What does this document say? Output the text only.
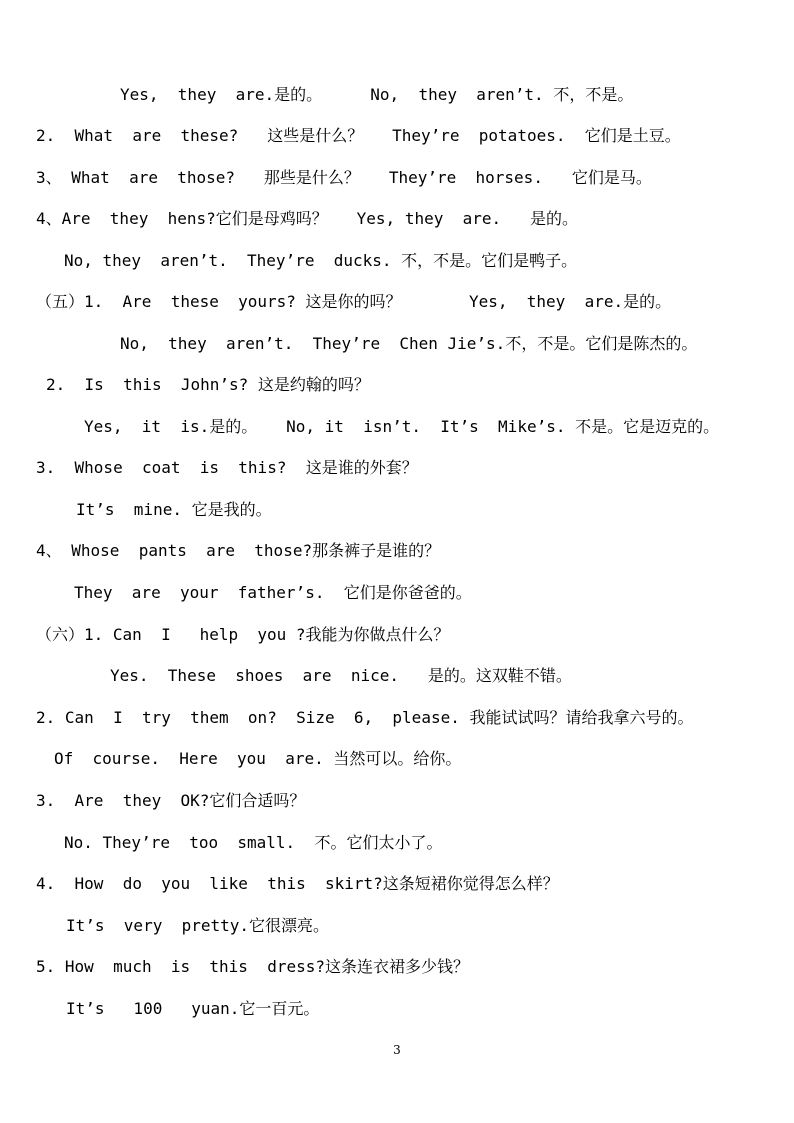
Yes,  they  are.是的。     No,  they  aren’t. 不，不是。
2.  What  are  these?   这些是什么？   They’re  potatoes.  它们是土豆。
3、 What  are  those?   那些是什么？   They’re  horses.   它们是马。
4、Are  they  hens?它们是母鸡吗？   Yes, they  are.   是的。
No, they  aren’t.  They’re  ducks. 不，不是。它们是鸭子。
（五）1.  Are  these  yours? 这是你的吗？       Yes,  they  are.是的。
No,  they  aren’t.  They’re  Chen Jie’s.不，不是。它们是陈杰的。
2.  Is  this  John’s? 这是约翰的吗？
Yes,  it  is.是的。   No, it  isn’t.  It’s  Mike’s. 不是。它是迈克的。
3.  Whose  coat  is  this?  这是谁的外套？
It’s  mine. 它是我的。
4、 Whose  pants  are  those?那条裤子是谁的？
They  are  your  father’s.  它们是你爸爸的。
（六）1. Can  I   help  you ?我能为你做点什么？
Yes.  These  shoes  are  nice.   是的。这双鞋不错。
2. Can  I  try  them  on?  Size  6,  please. 我能试试吗？请给我拿六号的。
Of  course.  Here  you  are. 当然可以。给你。
3.  Are  they  OK?它们合适吗？
No. They’re  too  small.  不。它们太小了。
4.  How  do  you  like  this  skirt?这条短裙你觉得怎么样？
It’s  very  pretty.它很漂亮。
5. How  much  is  this  dress?这条连衣裙多少钱？
It’s   100   yuan.它一百元。
3
